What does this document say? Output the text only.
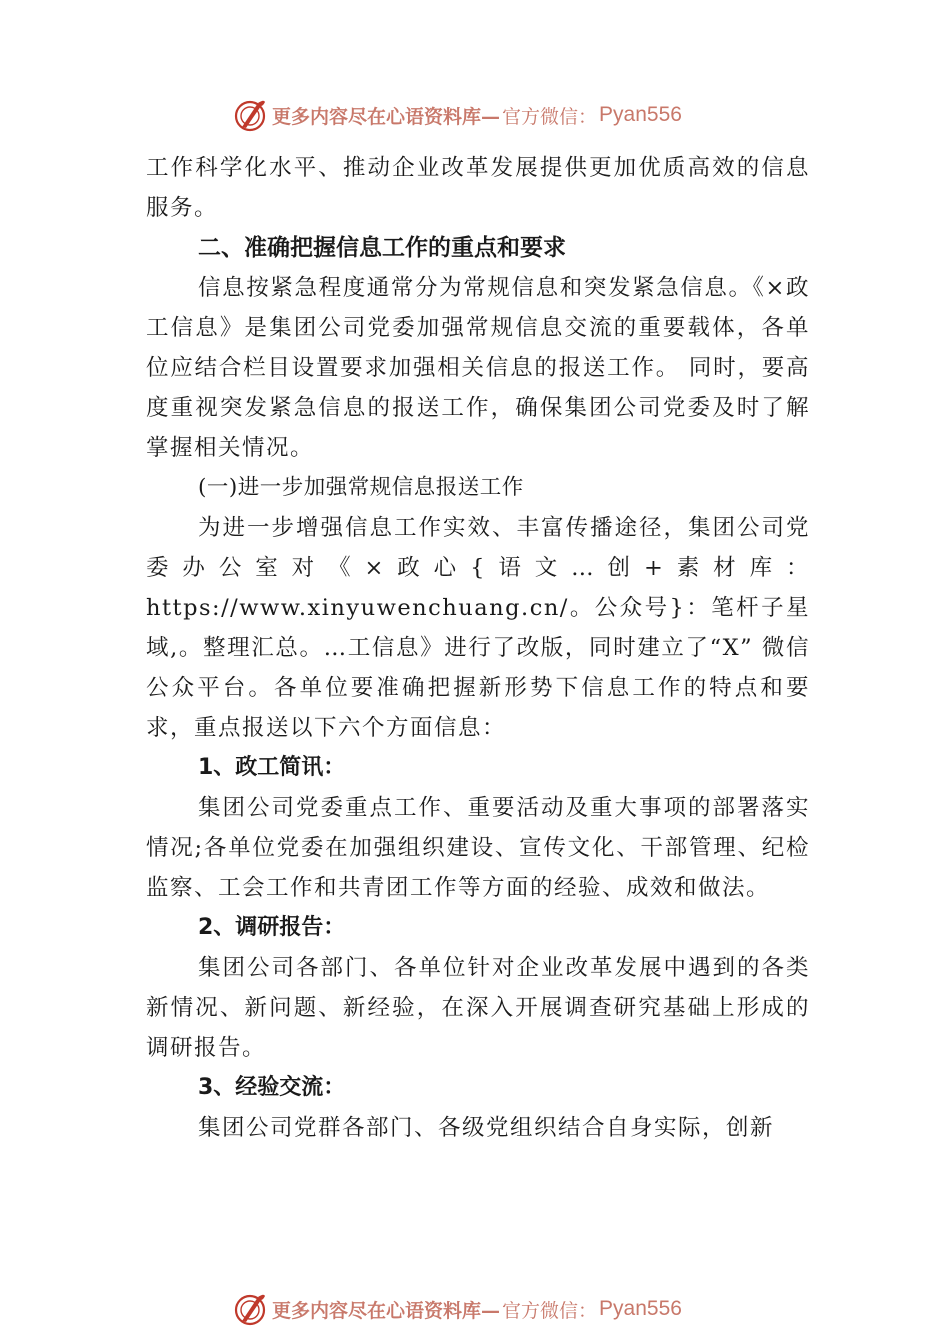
更多内容尽在心语资料库— 官方微信： Pyan556

工作科学化水平、推动企业改革发展提供更加优质高效的信息服务。

二、准确把握信息工作的重点和要求

信息按紧急程度通常分为常规信息和突发紧急信息。《×政工信息》是集团公司党委加强常规信息交流的重要载体，各单位应结合栏目设置要求加强相关信息的报送工作。 同时，要高度重视突发紧急信息的报送工作，确保集团公司党委及时了解掌握相关情况。

(一)进一步加强常规信息报送工作

为进一步增强信息工作实效、丰富传播途径，集团公司党委办公室对《×政心{语文…创+素材库：https://www.xinyuwenchuang.cn/。公众号}：笔杆子星域,。整理汇总。…工信息》进行了改版，同时建立了“X” 微信公众平台。各单位要准确把握新形势下信息工作的特点和要求，重点报送以下六个方面信息：

1、政工简讯：

集团公司党委重点工作、重要活动及重大事项的部署落实情况;各单位党委在加强组织建设、宣传文化、干部管理、纪检监察、工会工作和共青团工作等方面的经验、成效和做法。

2、调研报告：

集团公司各部门、各单位针对企业改革发展中遇到的各类新情况、新问题、新经验，在深入开展调查研究基础上形成的调研报告。

3、经验交流：

集团公司党群各部门、各级党组织结合自身实际，创新

更多内容尽在心语资料库— 官方微信： Pyan556
